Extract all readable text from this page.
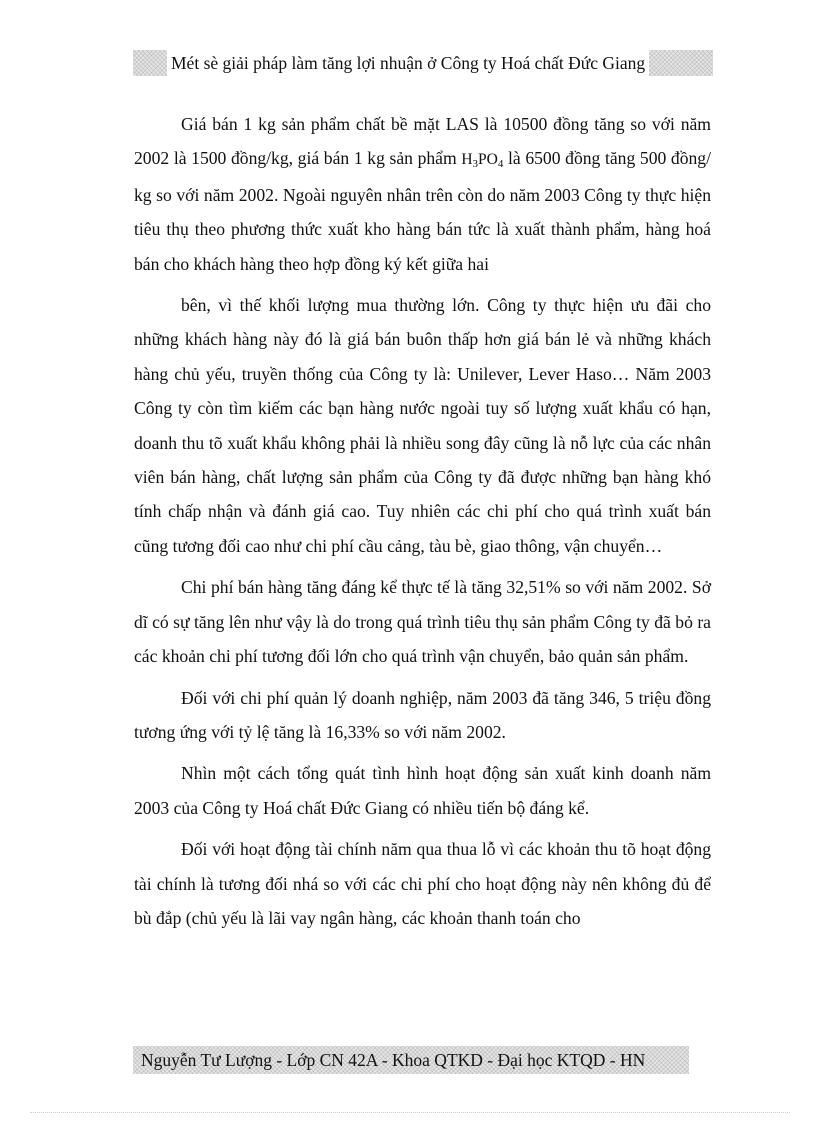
Mét sè giải pháp làm tăng lợi nhuận ở Công ty Hoá chất Đức Giang

Giá bán 1 kg sản phẩm chất bề mặt LAS là 10500 đồng tăng so với năm 2002 là 1500 đồng/kg, giá bán 1 kg sản phẩm $H_3PO_4$ là 6500 đồng tăng 500 đồng/ kg so với năm 2002. Ngoài nguyên nhân trên còn do năm 2003 Công ty thực hiện tiêu thụ theo phương thức xuất kho hàng bán tức là xuất thành phẩm, hàng hoá bán cho khách hàng theo hợp đồng ký kết giữa hai

bên, vì thế khối lượng mua thường lớn. Công ty thực hiện ưu đãi cho những khách hàng này đó là giá bán buôn thấp hơn giá bán lẻ và những khách hàng chủ yếu, truyền thống của Công ty là: Unilever, Lever Haso… Năm 2003 Công ty còn tìm kiếm các bạn hàng nước ngoài tuy số lượng xuất khẩu có hạn, doanh thu tõ xuất khẩu không phải là nhiều song đây cũng là nỗ lực của các nhân viên bán hàng, chất lượng sản phẩm của Công ty đã được những bạn hàng khó tính chấp nhận và đánh giá cao. Tuy nhiên các chi phí cho quá trình xuất bán cũng tương đối cao như chi phí cầu cảng, tàu bè, giao thông, vận chuyển…

Chi phí bán hàng tăng đáng kể thực tế là tăng 32,51% so với năm 2002. Sở dĩ có sự tăng lên như vậy là do trong quá trình tiêu thụ sản phẩm Công ty đã bỏ ra các khoản chi phí tương đối lớn cho quá trình vận chuyển, bảo quản sản phẩm.

Đối với chi phí quản lý doanh nghiệp, năm 2003 đã tăng 346, 5 triệu đồng tương ứng với tỷ lệ tăng là 16,33% so với năm 2002.

Nhìn một cách tổng quát tình hình hoạt động sản xuất kinh doanh năm 2003 của Công ty Hoá chất Đức Giang có nhiều tiến bộ đáng kể.

Đối với hoạt động tài chính năm qua thua lỗ vì các khoản thu tõ hoạt động tài chính là tương đối nhá so với các chi phí cho hoạt động này nên không đủ để bù đắp (chủ yếu là lãi vay ngân hàng, các khoản thanh toán cho

Nguyễn Tư Lượng - Lớp CN 42A - Khoa QTKD - Đại học KTQD - HN
